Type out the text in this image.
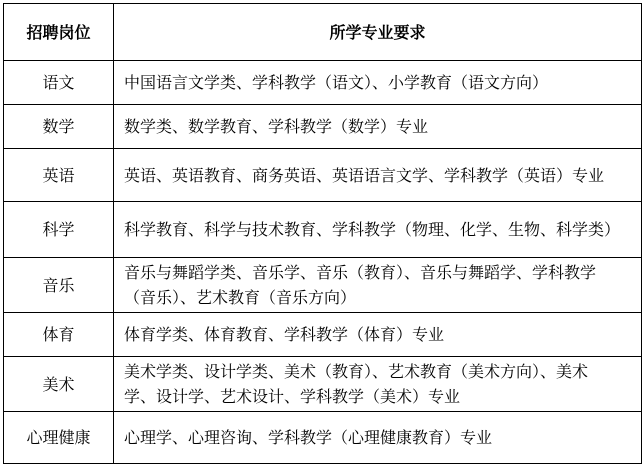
招聘岗位	所学专业要求
语文	中国语言文学类、学科教学（语文）、小学教育（语文方向）

数学	数学类、数学教育、学科教学（数学）专业

英语	英语、英语教育、商务英语、英语语言文学、学科教学（英语）专业

科学	科学教育、科学与技术教育、学科教学（物理、化学、生物、科学类）

音乐	音乐与舞蹈学类、音乐学、音乐（教育）、音乐与舞蹈学、学科教学
（音乐）、艺术教育（音乐方向）

体育	体育学类、体育教育、学科教学（体育）专业

美术	美术学类、设计学类、美术（教育）、艺术教育（美术方向）、美术
学、设计学、艺术设计、学科教学（美术）专业

心理健康	心理学、心理咨询、学科教学（心理健康教育）专业
